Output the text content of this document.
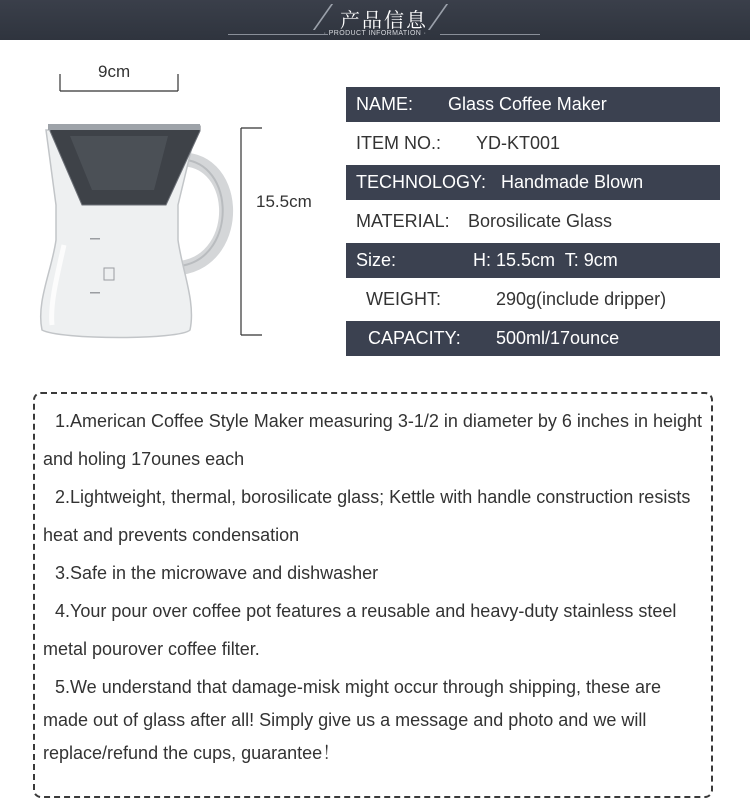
产品信息
· PRODUCT INFORMATION ·
9cm
15.5cm
NAME: Glass Coffee Maker
ITEM NO.: YD-KT001
TECHNOLOGY: Handmade Blown
MATERIAL: Borosilicate Glass
Size:	H: 15.5cm  T: 9cm
WEIGHT:	290g(include dripper)
CAPACITY: 500ml/17ounce
1.American Coffee Style Maker measuring 3-1/2 in diameter by 6 inches in height and holing 17ounes each
2.Lightweight, thermal, borosilicate glass; Kettle with handle construction resists heat and prevents condensation
3.Safe in the microwave and dishwasher
4.Your pour over coffee pot features a reusable and heavy-duty stainless steel metal pourover coffee filter.
5.We understand that damage-misk might occur through shipping, these are made out of glass after all! Simply give us a message and photo and we will replace/refund the cups, guarantee！
